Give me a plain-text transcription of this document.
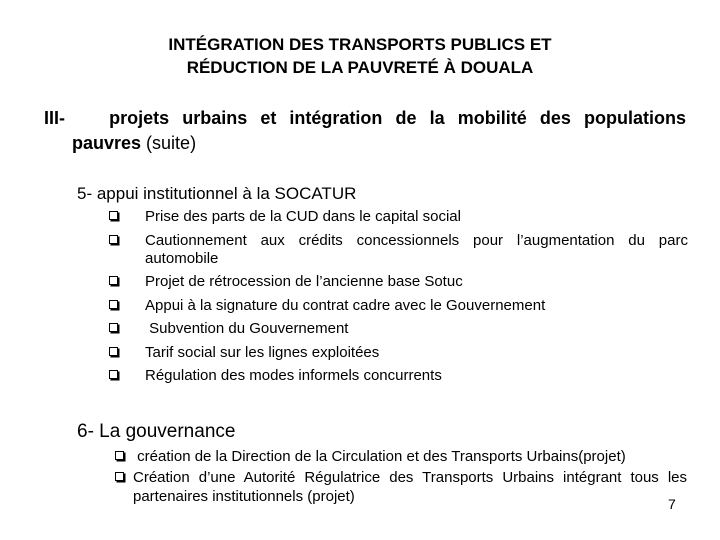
INTÉGRATION DES TRANSPORTS PUBLICS ET
RÉDUCTION DE LA PAUVRETÉ À DOUALA
III-	projets urbains et intégration de la mobilité des populations
pauvres (suite)
5- appui institutionnel à la SOCATUR
Prise des parts de la CUD dans le capital social
Cautionnement aux crédits concessionnels pour l’augmentation du parc automobile
Projet de rétrocession de l’ancienne base Sotuc
Appui à la signature du contrat cadre avec le Gouvernement
Subvention du Gouvernement
Tarif social sur les lignes exploitées
Régulation des modes informels concurrents
6- La gouvernance
création de la Direction de la Circulation et des Transports Urbains(projet)
Création d’une Autorité Régulatrice des Transports Urbains intégrant tous les partenaires institutionnels (projet)	7
